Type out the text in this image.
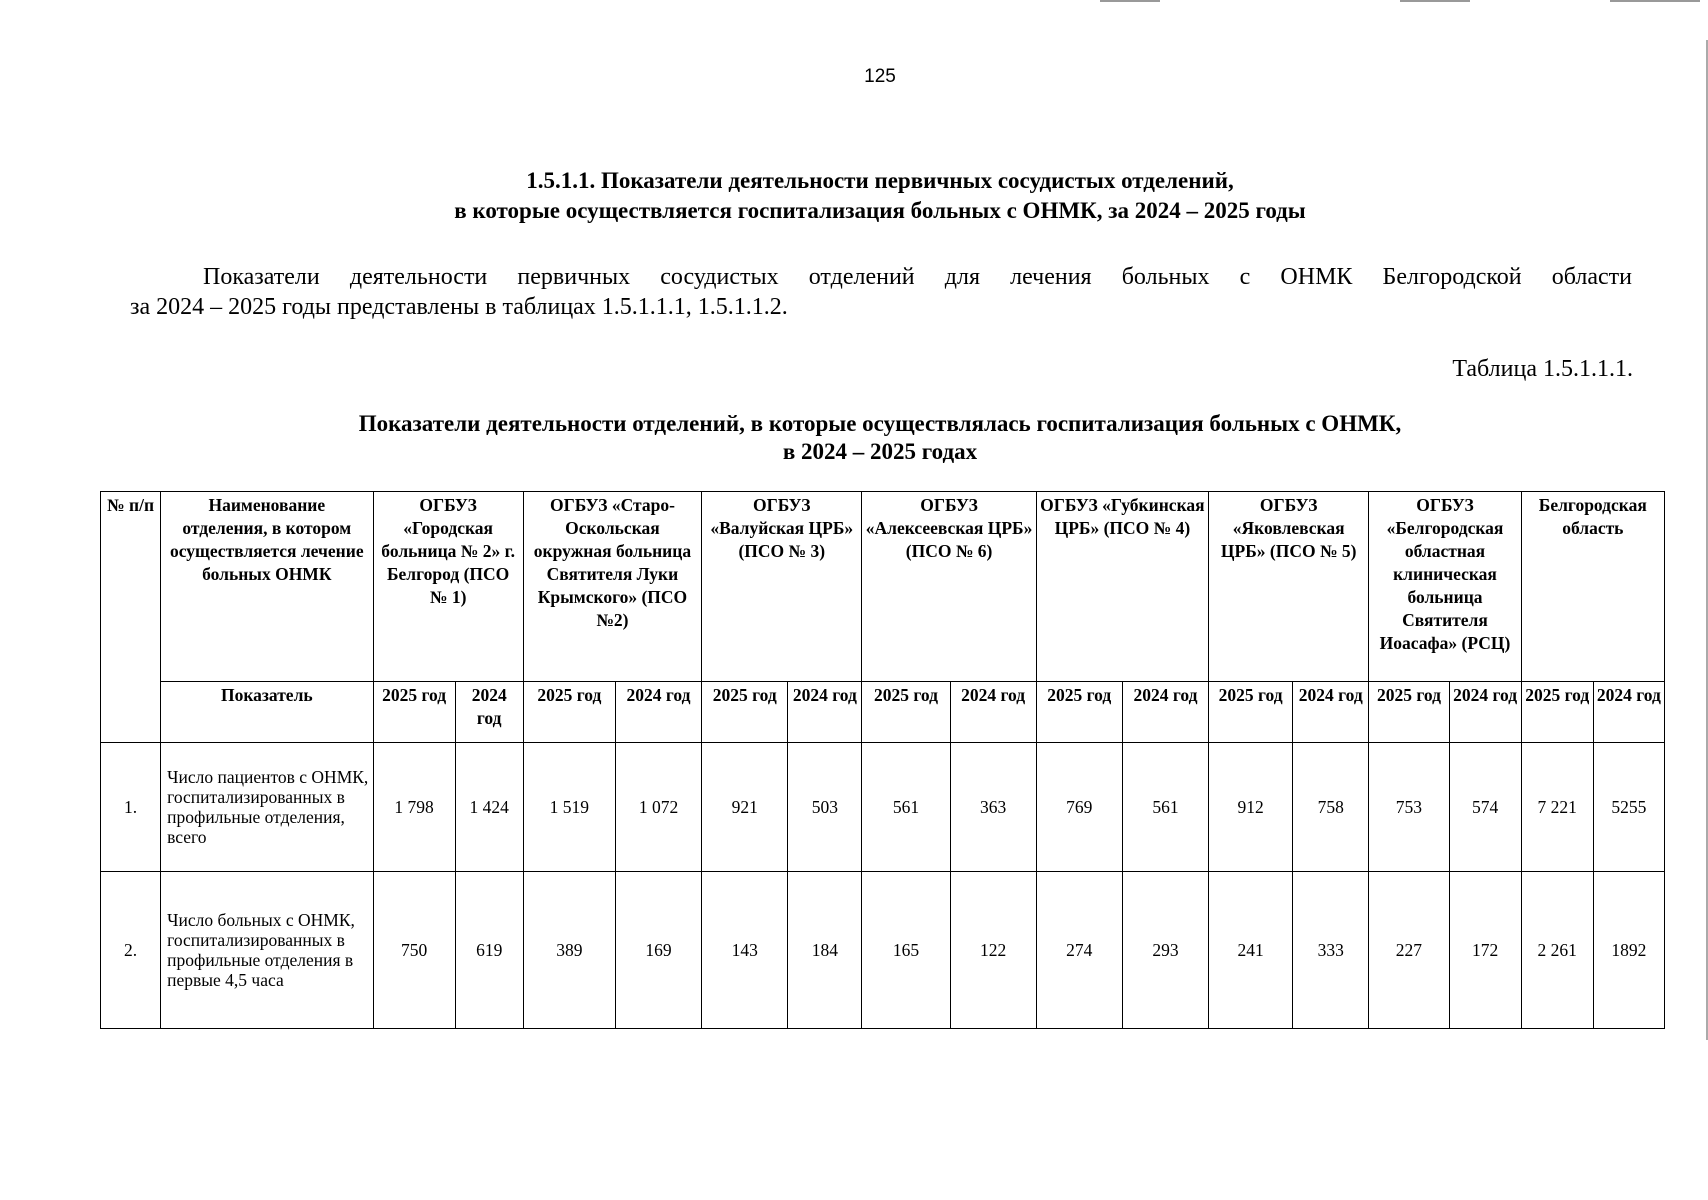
125
1.5.1.1. Показатели деятельности первичных сосудистых отделений,
в которые осуществляется госпитализация больных с ОНМК, за 2024 – 2025 годы
Показатели деятельности первичных сосудистых отделений для лечения больных с ОНМК Белгородской области
за 2024 – 2025 годы представлены в таблицах 1.5.1.1.1, 1.5.1.1.2.
Таблица 1.5.1.1.1.
Показатели деятельности отделений, в которые осуществлялась госпитализация больных с ОНМК,
в 2024 – 2025 годах
№ п/п	Наименование отделения, в котором осуществляется лечение больных ОНМК	ОГБУЗ «Городская больница № 2» г. Белгород (ПСО № 1)		ОГБУЗ «Старо-Оскольская окружная больница Святителя Луки Крымского» (ПСО №2)		ОГБУЗ «Валуйская ЦРБ» (ПСО № 3)		ОГБУЗ «Алексеевская ЦРБ» (ПСО № 6)		ОГБУЗ «Губкинская ЦРБ» (ПСО № 4)		ОГБУЗ «Яковлевская ЦРБ» (ПСО № 5)		ОГБУЗ «Белгородская областная клиническая больница Святителя Иоасафа» (РСЦ)		Белгородская область	
	Показатель	2025 год	2024 год	2025 год	2024 год	2025 год	2024 год	2025 год	2024 год	2025 год	2024 год	2025 год	2024 год	2025 год	2024 год	2025 год	2024 год
1.	Число пациентов с ОНМК, госпитализированных в профильные отделения, всего	1 798	1 424	1 519	1 072	921	503	561	363	769	561	912	758	753	574	7 221	5255
2.	Число больных с ОНМК, госпитализированных в профильные отделения в первые 4,5 часа	750	619	389	169	143	184	165	122	274	293	241	333	227	172	2 261	1892
